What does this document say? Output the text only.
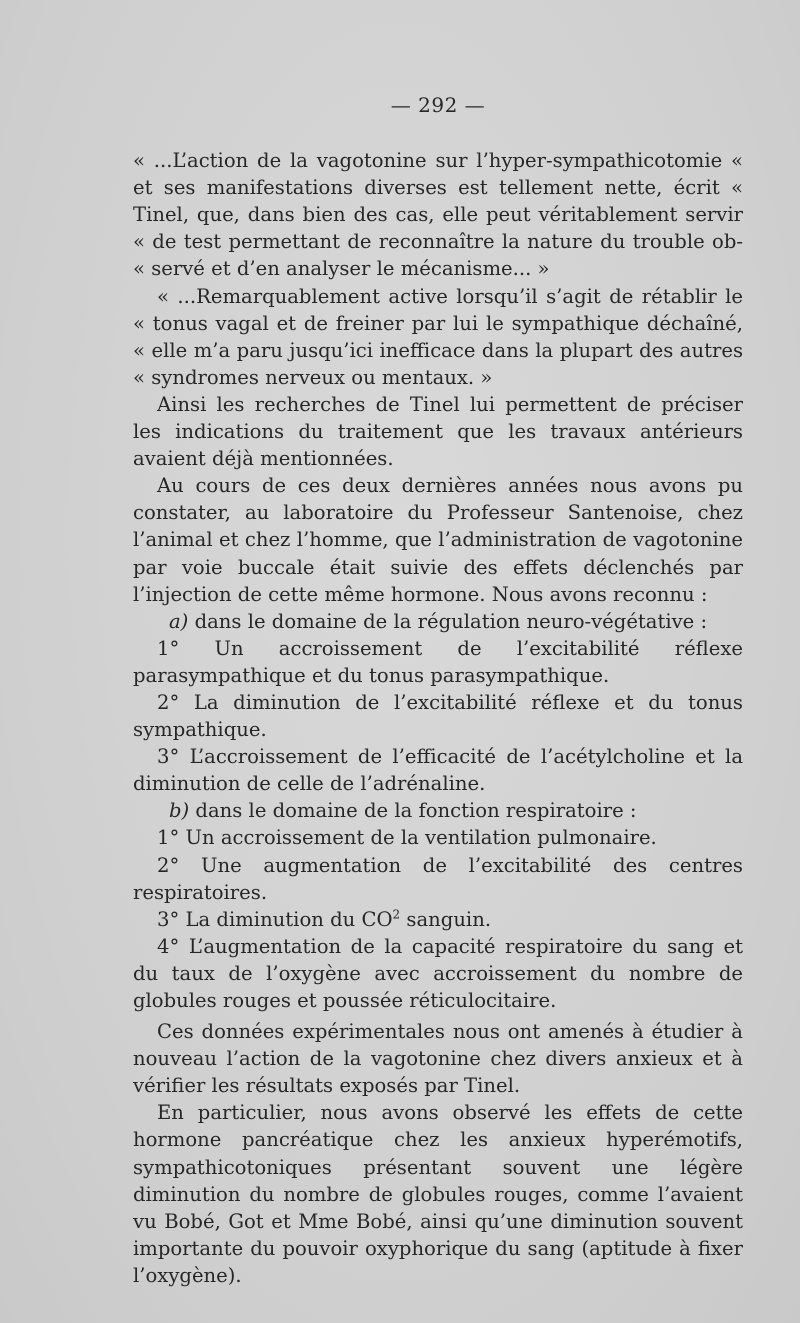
— 292 —

« ...L’action de la vagotonine sur l’hyper-sympathicotomie « et ses manifestations diverses est tellement nette, écrit « Tinel, que, dans bien des cas, elle peut véritablement servir « de test permettant de reconnaître la nature du trouble ob- « servé et d’en analyser le mécanisme... »

« ...Remarquablement active lorsqu’il s’agit de rétablir le « tonus vagal et de freiner par lui le sympathique déchaîné, « elle m’a paru jusqu’ici inefficace dans la plupart des autres « syndromes nerveux ou mentaux. »

Ainsi les recherches de Tinel lui permettent de préciser les indications du traitement que les travaux antérieurs avaient déjà mentionnées.

Au cours de ces deux dernières années nous avons pu constater, au laboratoire du Professeur Santenoise, chez l’animal et chez l’homme, que l’administration de vagotonine par voie buccale était suivie des effets déclenchés par l’injection de cette même hormone. Nous avons reconnu :

a) dans le domaine de la régulation neuro-végétative :

1° Un accroissement de l’excitabilité réflexe parasympathique et du tonus parasympathique.

2° La diminution de l’excitabilité réflexe et du tonus sympathique.

3° L’accroissement de l’efficacité de l’acétylcholine et la diminution de celle de l’adrénaline.

b) dans le domaine de la fonction respiratoire :

1° Un accroissement de la ventilation pulmonaire.

2° Une augmentation de l’excitabilité des centres respiratoires.

3° La diminution du $CO^2$ sanguin.

4° L’augmentation de la capacité respiratoire du sang et du taux de l’oxygène avec accroissement du nombre de globules rouges et poussée réticulocitaire.

Ces données expérimentales nous ont amenés à étudier à nouveau l’action de la vagotonine chez divers anxieux et à vérifier les résultats exposés par Tinel.

En particulier, nous avons observé les effets de cette hormone pancréatique chez les anxieux hyperémotifs, sympathicotoniques présentant souvent une légère diminution du nombre de globules rouges, comme l’avaient vu Bobé, Got et Mme Bobé, ainsi qu’une diminution souvent importante du pouvoir oxyphorique du sang (aptitude à fixer l’oxygène).
